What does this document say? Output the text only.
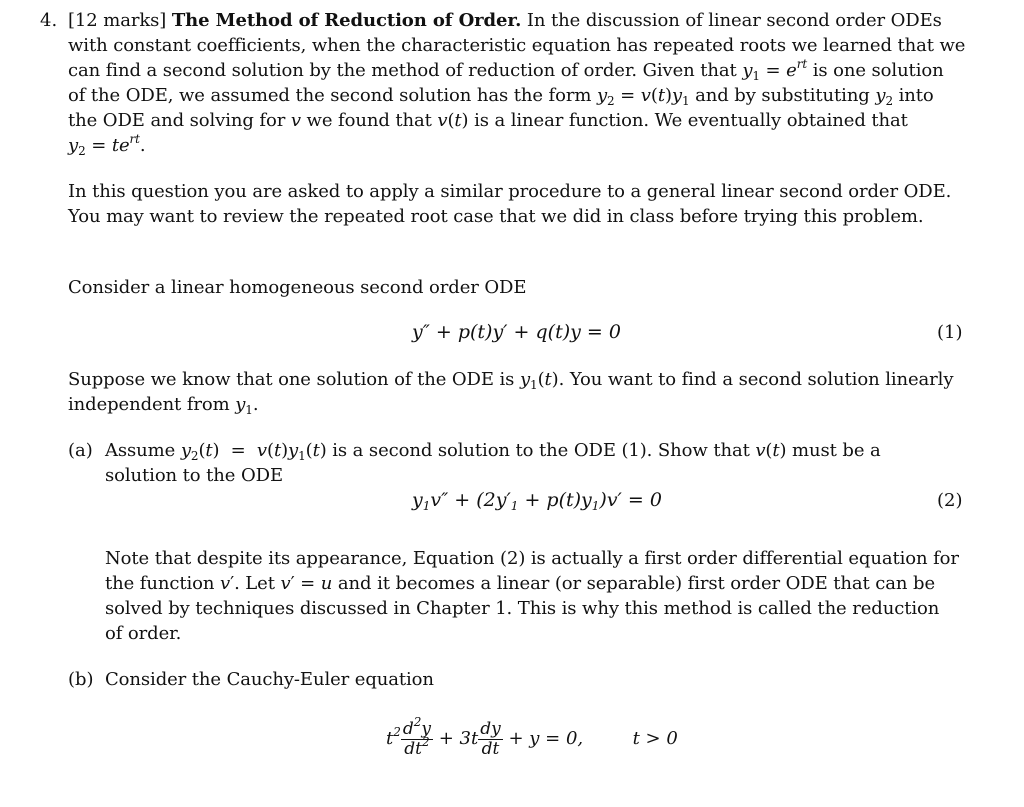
4. [12 marks] The Method of Reduction of Order. In the discussion of linear second order ODEs
with constant coefficients, when the characteristic equation has repeated roots we learned that we
can find a second solution by the method of reduction of order. Given that $y_1 = e^{rt}$ is one solution
of the ODE, we assumed the second solution has the form $y_2 = v(t)y_1$ and by substituting $y_2$ into
the ODE and solving for v we found that v(t) is a linear function. We eventually obtained that
$y_2 = te^{rt}$.
In this question you are asked to apply a similar procedure to a general linear second order ODE.
You may want to review the repeated root case that we did in class before trying this problem.
Consider a linear homogeneous second order ODE
y″ + p(t)y′ + q(t)y = 0	(1)
Suppose we know that one solution of the ODE is $y_1(t)$. You want to find a second solution linearly
independent from $y_1$.
(a) Assume $y_2(t) = v(t)y_1(t)$ is a second solution to the ODE (1). Show that v(t) must be a
solution to the ODE
$y_1v'' + (2y'_1 + p(t)y_1)v' = 0$	(2)
Note that despite its appearance, Equation (2) is actually a first order differential equation for
the function v′. Let v′ = u and it becomes a linear (or separable) first order ODE that can be
solved by techniques discussed in Chapter 1. This is why this method is called the reduction
of order.
(b) Consider the Cauchy-Euler equation
$t^2 \frac{d^2y}{dt^2} + 3t \frac{dy}{dt} + y = 0$,  t > 0
